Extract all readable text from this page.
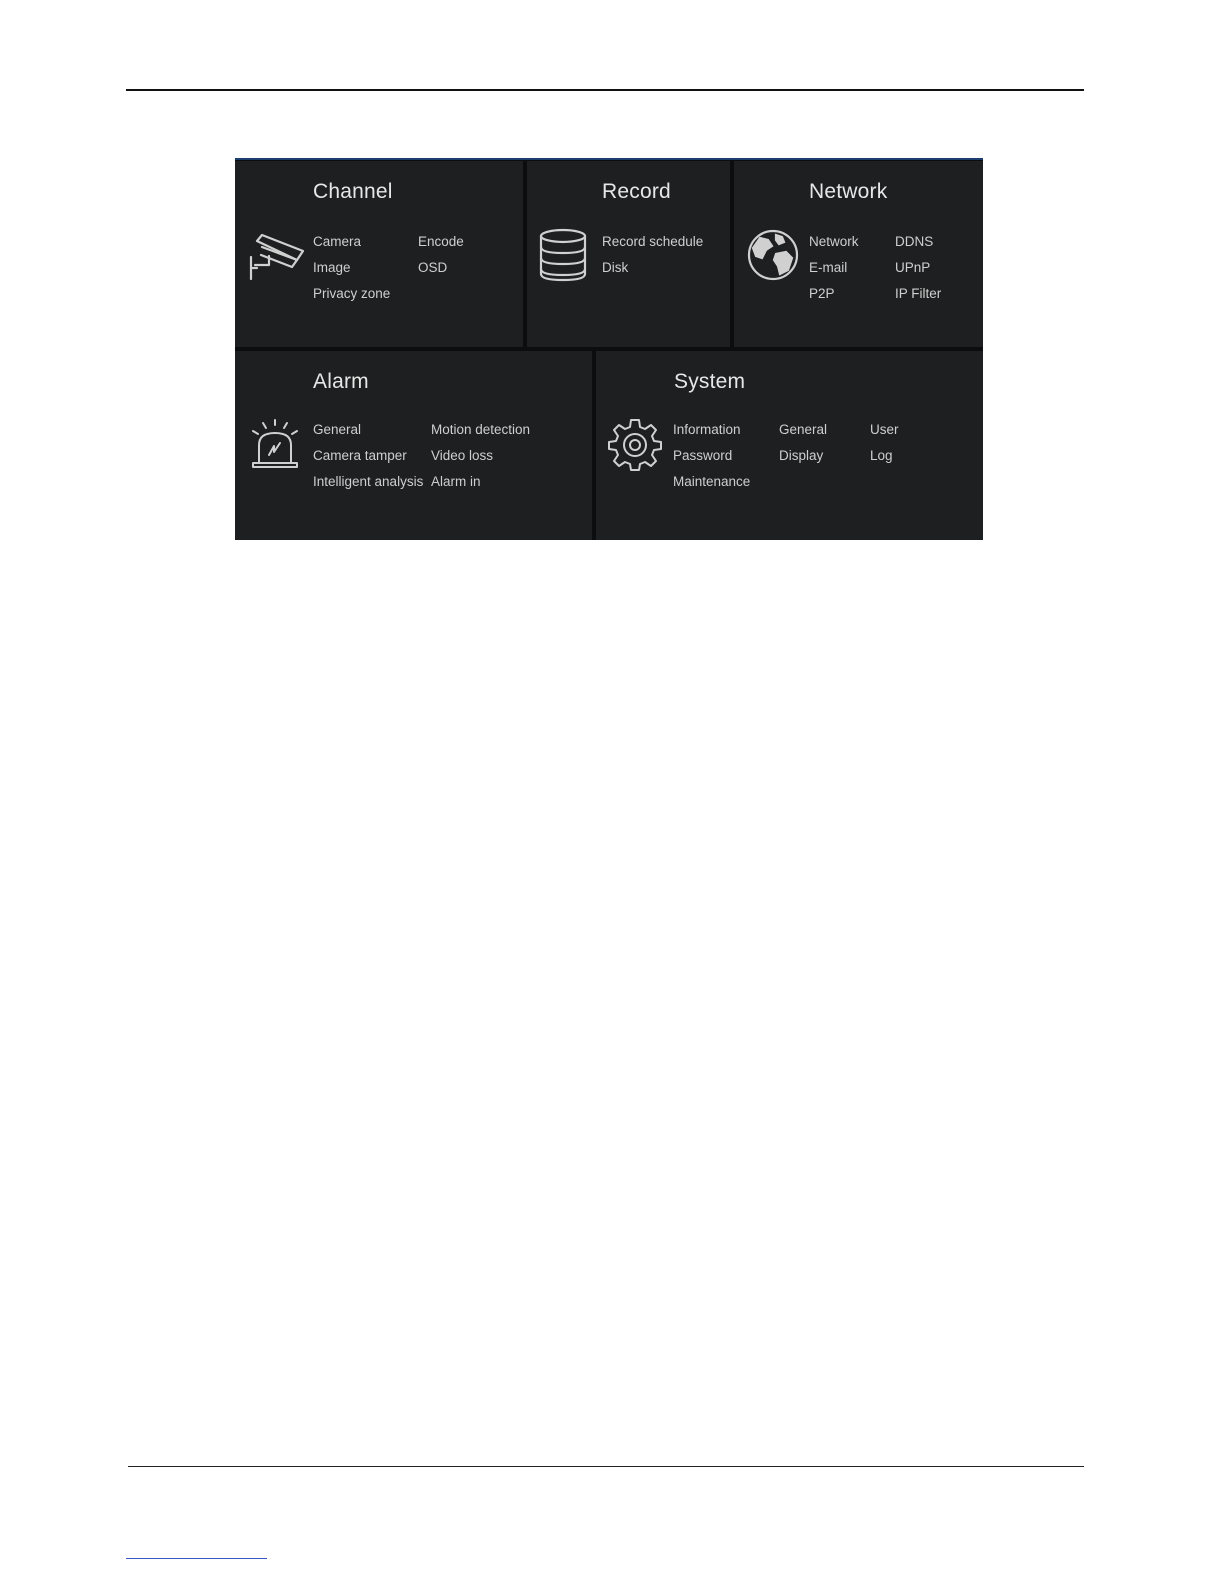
Channel
Camera	Encode
Image	OSD
Privacy zone
Record
Record schedule
Disk
Network
Network	DDNS
E-mail	UPnP
P2P	IP Filter
Alarm
General	Motion detection
Camera tamper Video loss
Intelligent analysis Alarm in
System
Information	General	User
Password	Display	Log
Maintenance
